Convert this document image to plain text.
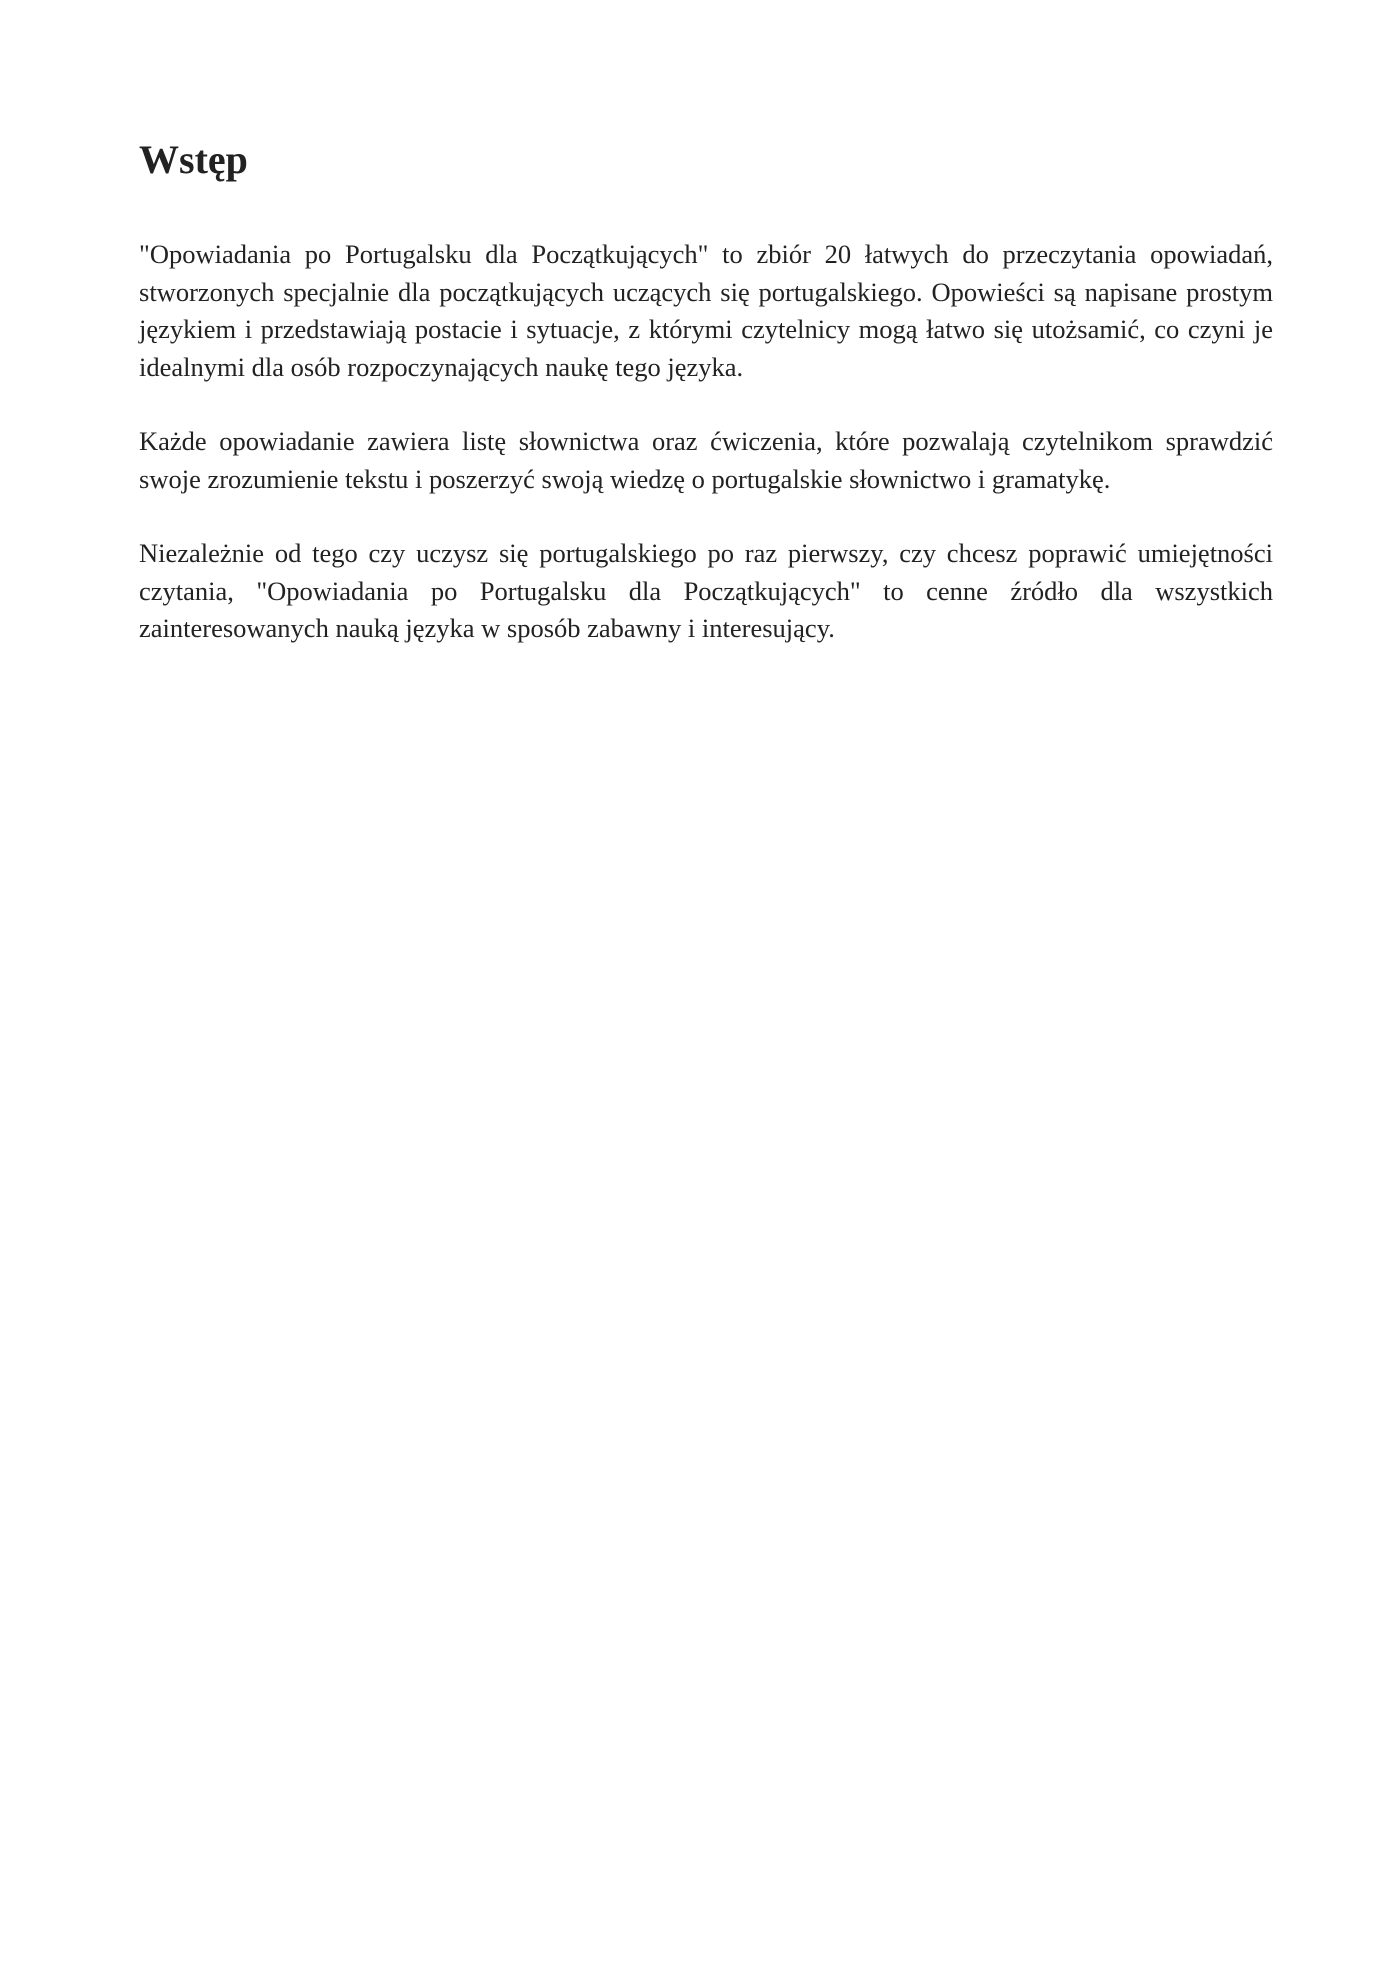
Wstęp

"Opowiadania po Portugalsku dla Początkujących" to zbiór 20 łatwych do przeczytania opowiadań, stworzonych specjalnie dla początkujących uczących się portugalskiego. Opowieści są napisane prostym językiem i przedstawiają postacie i sytuacje, z którymi czytelnicy mogą łatwo się utożsamić, co czyni je idealnymi dla osób rozpoczynających naukę tego języka.

Każde opowiadanie zawiera listę słownictwa oraz ćwiczenia, które pozwalają czytelnikom sprawdzić swoje zrozumienie tekstu i poszerzyć swoją wiedzę o portugalskie słownictwo i gramatykę.

Niezależnie od tego czy uczysz się portugalskiego po raz pierwszy, czy chcesz poprawić umiejętności czytania, "Opowiadania po Portugalsku dla Początkujących" to cenne źródło dla wszystkich zainteresowanych nauką języka w sposób zabawny i interesujący.
